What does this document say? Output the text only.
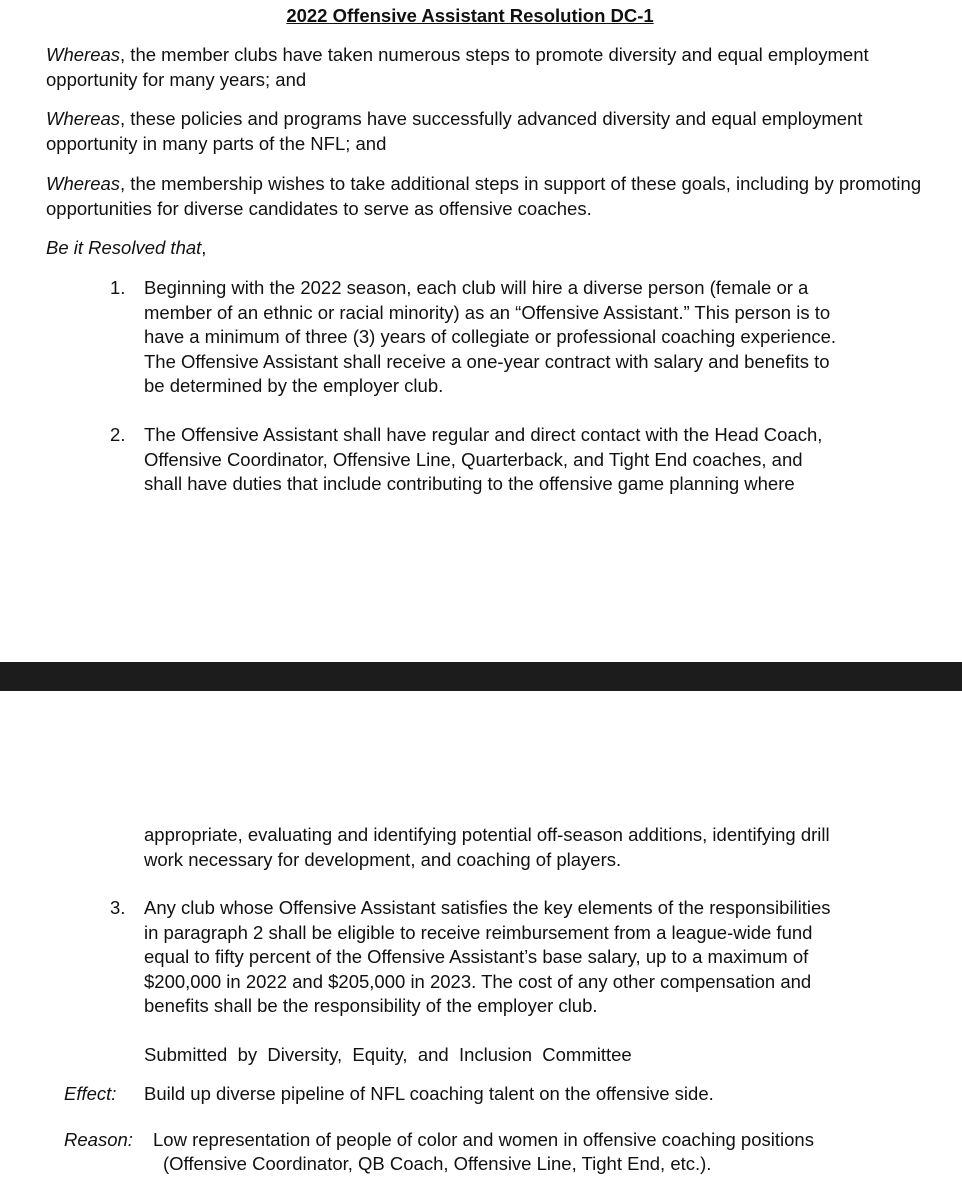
2022 Offensive Assistant Resolution DC-1
Whereas, the member clubs have taken numerous steps to promote diversity and equal employment opportunity for many years; and
Whereas, these policies and programs have successfully advanced diversity and equal employment opportunity in many parts of the NFL; and
Whereas, the membership wishes to take additional steps in support of these goals, including by promoting opportunities for diverse candidates to serve as offensive coaches.
Be it Resolved that,
1. Beginning with the 2022 season, each club will hire a diverse person (female or a
member of an ethnic or racial minority) as an “Offensive Assistant.” This person is to
have a minimum of three (3) years of collegiate or professional coaching experience.
The Offensive Assistant shall receive a one-year contract with salary and benefits to
be determined by the employer club.
2. The Offensive Assistant shall have regular and direct contact with the Head Coach,
Offensive Coordinator, Offensive Line, Quarterback, and Tight End coaches, and
shall have duties that include contributing to the offensive game planning where
appropriate, evaluating and identifying potential off-season additions, identifying drill
work necessary for development, and coaching of players.
3. Any club whose Offensive Assistant satisfies the key elements of the responsibilities
in paragraph 2 shall be eligible to receive reimbursement from a league-wide fund
equal to fifty percent of the Offensive Assistant’s base salary, up to a maximum of
$200,000 in 2022 and $205,000 in 2023. The cost of any other compensation and
benefits shall be the responsibility of the employer club.
Submitted  by  Diversity,  Equity,  and  Inclusion  Committee
Effect: Build up diverse pipeline of NFL coaching talent on the offensive side.
Reason: Low representation of people of color and women in offensive coaching positions
(Offensive Coordinator, QB Coach, Offensive Line, Tight End, etc.).
